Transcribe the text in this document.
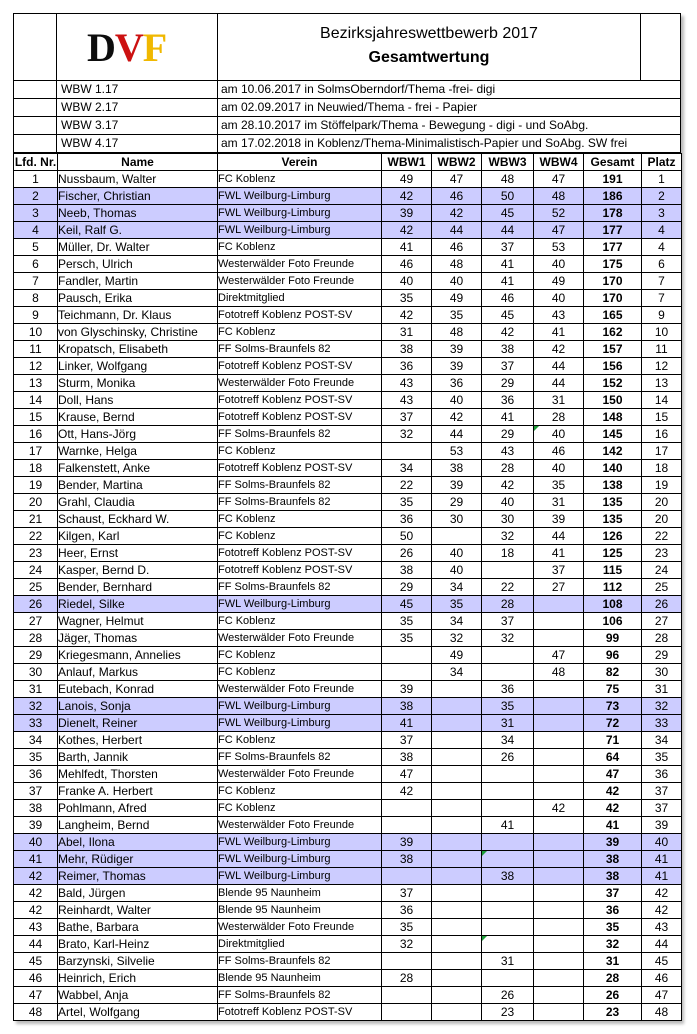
DVF	Bezirksjahreswettbewerb 2017
Gesamtwertung
WBW 1.17	am 10.06.2017 in SolmsOberndorf/Thema -frei- digi
WBW 2.17	am 02.09.2017 in Neuwied/Thema - frei - Papier
WBW 3.17	am 28.10.2017 im Stöffelpark/Thema - Bewegung - digi - und SoAbg.
WBW 4.17	am 17.02.2018 in Koblenz/Thema-Minimalistisch-Papier und SoAbg. SW frei
Lfd. Nr.	Name	Verein	WBW1	WBW2	WBW3	WBW4	Gesamt	Platz
1	Nussbaum, Walter	FC Koblenz	49	47	48	47	191	1
2	Fischer, Christian	FWL Weilburg-Limburg	42	46	50	48	186	2
3	Neeb, Thomas	FWL Weilburg-Limburg	39	42	45	52	178	3
4	Keil, Ralf G.	FWL Weilburg-Limburg	42	44	44	47	177	4
5	Müller, Dr. Walter	FC Koblenz	41	46	37	53	177	4
6	Persch, Ulrich	Westerwälder Foto Freunde	46	48	41	40	175	6
7	Fandler, Martin	Westerwälder Foto Freunde	40	40	41	49	170	7
8	Pausch, Erika	Direktmitglied	35	49	46	40	170	7
9	Teichmann, Dr. Klaus	Fototreff Koblenz POST-SV	42	35	45	43	165	9
10	von Glyschinsky, Christine	FC Koblenz	31	48	42	41	162	10
11	Kropatsch, Elisabeth	FF Solms-Braunfels 82	38	39	38	42	157	11
12	Linker, Wolfgang	Fototreff Koblenz POST-SV	36	39	37	44	156	12
13	Sturm, Monika	Westerwälder Foto Freunde	43	36	29	44	152	13
14	Doll, Hans	Fototreff Koblenz POST-SV	43	40	36	31	150	14
15	Krause, Bernd	Fototreff Koblenz POST-SV	37	42	41	28	148	15
16	Ott, Hans-Jörg	FF Solms-Braunfels 82	32	44	29	40	145	16
17	Warnke, Helga	FC Koblenz		53	43	46	142	17
18	Falkenstett, Anke	Fototreff Koblenz POST-SV	34	38	28	40	140	18
19	Bender, Martina	FF Solms-Braunfels 82	22	39	42	35	138	19
20	Grahl, Claudia	FF Solms-Braunfels 82	35	29	40	31	135	20
21	Schaust, Eckhard W.	FC Koblenz	36	30	30	39	135	20
22	Kilgen, Karl	FC Koblenz	50		32	44	126	22
23	Heer, Ernst	Fototreff Koblenz POST-SV	26	40	18	41	125	23
24	Kasper, Bernd D.	Fototreff Koblenz POST-SV	38	40		37	115	24
25	Bender, Bernhard	FF Solms-Braunfels 82	29	34	22	27	112	25
26	Riedel, Silke	FWL Weilburg-Limburg	45	35	28		108	26
27	Wagner, Helmut	FC Koblenz	35	34	37		106	27
28	Jäger, Thomas	Westerwälder Foto Freunde	35	32	32		99	28
29	Kriegesmann, Annelies	FC Koblenz		49		47	96	29
30	Anlauf, Markus	FC Koblenz		34		48	82	30
31	Eutebach, Konrad	Westerwälder Foto Freunde	39		36		75	31
32	Lanois, Sonja	FWL Weilburg-Limburg	38		35		73	32
33	Dienelt, Reiner	FWL Weilburg-Limburg	41		31		72	33
34	Kothes, Herbert	FC Koblenz	37		34		71	34
35	Barth, Jannik	FF Solms-Braunfels 82	38		26		64	35
36	Mehlfedt, Thorsten	Westerwälder Foto Freunde	47				47	36
37	Franke A. Herbert	FC Koblenz	42				42	37
38	Pohlmann, Afred	FC Koblenz				42	42	37
39	Langheim, Bernd	Westerwälder Foto Freunde			41		41	39
40	Abel, Ilona	FWL Weilburg-Limburg	39				39	40
41	Mehr, Rüdiger	FWL Weilburg-Limburg	38				38	41
42	Reimer, Thomas	FWL Weilburg-Limburg			38		38	41
42	Bald, Jürgen	Blende 95 Naunheim	37				37	42
42	Reinhardt, Walter	Blende 95 Naunheim	36				36	42
43	Bathe, Barbara	Westerwälder Foto Freunde	35				35	43
44	Brato, Karl-Heinz	Direktmitglied	32				32	44
45	Barzynski, Silvelie	FF Solms-Braunfels 82			31		31	45
46	Heinrich, Erich	Blende 95 Naunheim	28				28	46
47	Wabbel, Anja	FF Solms-Braunfels 82			26		26	47
48	Artel, Wolfgang	Fototreff Koblenz POST-SV			23		23	48
